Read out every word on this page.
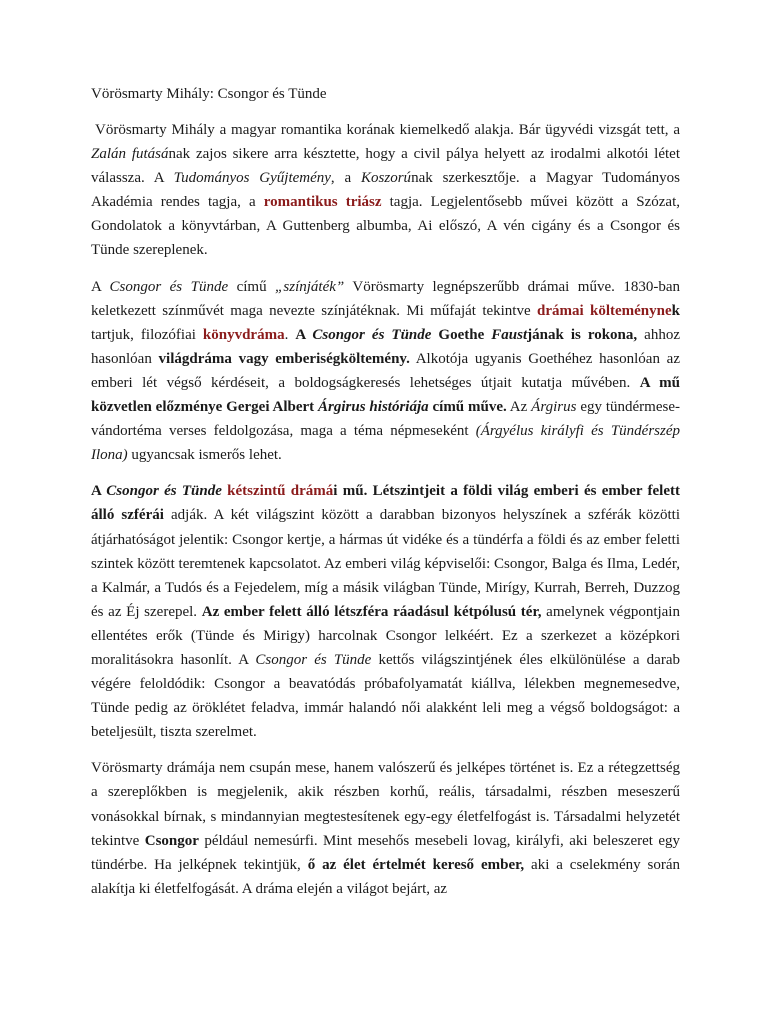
Vörösmarty Mihály: Csongor és Tünde

Vörösmarty Mihály a magyar romantika korának kiemelkedő alakja. Bár ügyvédi vizsgát tett, a Zalán futásának zajos sikere arra késztette, hogy a civil pálya helyett az irodalmi alkotói létet válassza. A Tudományos Gyűjtemény, a Koszorúnak szerkesztője. a Magyar Tudományos Akadémia rendes tagja, a romantikus triász tagja. Legjelentősebb művei között a Szózat, Gondolatok a könyvtárban, A Guttenberg albumba, Ai előszó, A vén cigány és a Csongor és Tünde szereplenek.

A Csongor és Tünde című „színjáték” Vörösmarty legnépszerűbb drámai műve. 1830-ban keletkezett színművét maga nevezte színjátéknak. Mi műfaját tekintve drámai költeménynek tartjuk, filozófiai könyvdráma. A Csongor és Tünde Goethe Faustjának is rokona, ahhoz hasonlóan világdráma vagy emberiségköltemény. Alkotója ugyanis Goethéhez hasonlóan az emberi lét végső kérdéseit, a boldogságkeresés lehetséges útjait kutatja művében. A mű közvetlen előzménye Gergei Albert Árgirus históriája című műve. Az Árgirus egy tündérmese-vándortéma verses feldolgozása, maga a téma népmeseként (Árgyélus királyfi és Tündérszép Ilona) ugyancsak ismerős lehet.

A Csongor és Tünde kétszintű drámái mű. Létszintjeit a földi világ emberi és ember felett álló szférái adják. A két világszint között a darabban bizonyos helyszínek a szférák közötti átjárhatóságot jelentik: Csongor kertje, a hármas út vidéke és a tündérfa a földi és az ember feletti szintek között teremtenek kapcsolatot. Az emberi világ képviselői: Csongor, Balga és Ilma, Ledér, a Kalmár, a Tudós és a Fejedelem, míg a másik világban Tünde, Mirígy, Kurrah, Berreh, Duzzog és az Éj szerepel. Az ember felett álló létszféra ráadásul kétpólusú tér, amelynek végpontjain ellentétes erők (Tünde és Mirigy) harcolnak Csongor lelkéért. Ez a szerkezet a középkori moralitásokra hasonlít. A Csongor és Tünde kettős világszintjének éles elkülönülése a darab végére feloldódik: Csongor a beavatódás próbafolyamatát kiállva, lélekben megnemesedve, Tünde pedig az öröklétet feladva, immár halandó női alakként leli meg a végső boldogságot: a beteljesült, tiszta szerelmet.

Vörösmarty drámája nem csupán mese, hanem valószerű és jelképes történet is. Ez a rétegzettség a szereplőkben is megjelenik, akik részben korhű, reális, társadalmi, részben meseszerű vonásokkal bírnak, s mindannyian megtestesítenek egy-egy életfelfogást is. Társadalmi helyzetét tekintve Csongor például nemesúrfi. Mint mesehős mesebeli lovag, királyfi, aki beleszeret egy tündérbe. Ha jelképnek tekintjük, ő az élet értelmét kereső ember, aki a cselekmény során alakítja ki életfelfogását. A dráma elején a világot bejárt, az
